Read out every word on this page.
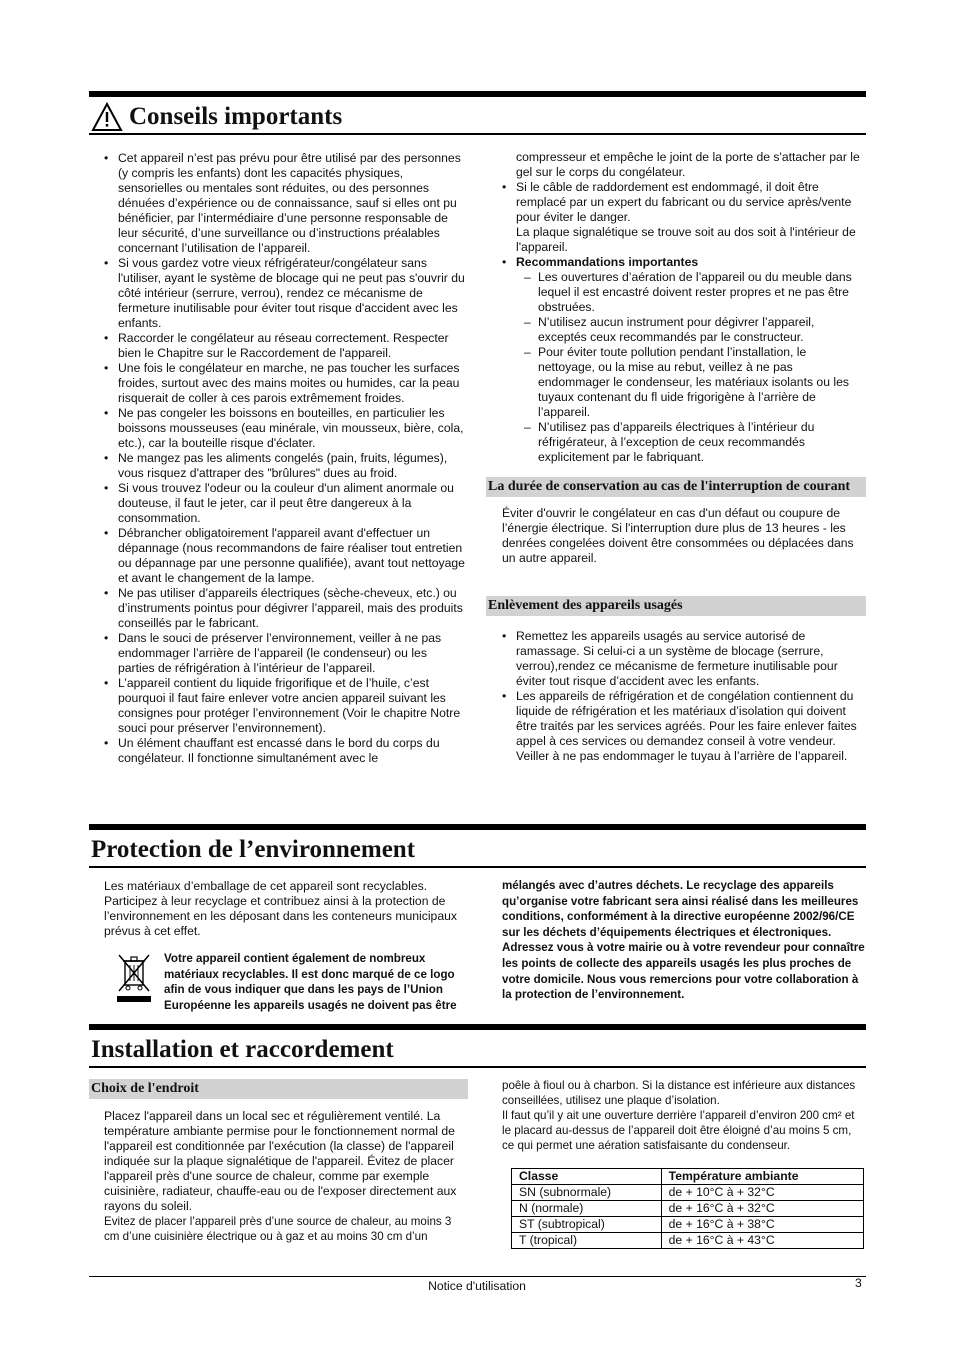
Conseils importants
• Cet appareil n’est pas prévu pour être utilisé par des personnes (y compris les enfants) dont les capacités physiques, sensorielles ou mentales sont réduites, ou des personnes dénuées d’expérience ou de connaissance, sauf si elles ont pu bénéficier, par l’intermédiaire d’une personne responsable de leur sécurité, d’une surveillance ou d’instructions préalables concernant l’utilisation de l’appareil.
• Si vous gardez votre vieux réfrigérateur/congélateur sans l'utiliser, ayant le système de blocage qui ne peut pas s'ouvrir du côté intérieur (serrure, verrou), rendez ce mécanisme de fermeture inutilisable pour éviter tout risque d'accident avec les enfants.
• Raccorder le congélateur au réseau correctement. Respecter bien le Chapitre sur le Raccordement de l'appareil.
• Une fois le congélateur en marche, ne pas toucher les surfaces froides, surtout avec des mains moites ou humides, car la peau risquerait de coller à ces parois extrêmement froides.
• Ne pas congeler les boissons en bouteilles, en particulier les boissons mousseuses (eau minérale, vin mousseux, bière, cola, etc.), car la bouteille risque d'éclater.
• Ne mangez pas les aliments congelés (pain, fruits, légumes), vous risquez d'attraper des "brûlures" dues au froid.
• Si vous trouvez l'odeur ou la couleur d'un aliment anormale ou douteuse, il faut le jeter, car il peut être dangereux à la consommation.
• Débrancher obligatoirement l'appareil avant d'effectuer un dépannage (nous recommandons de faire réaliser tout entretien ou dépannage par une personne qualifiée), avant tout nettoyage et avant le changement de la lampe.
• Ne pas utiliser d’appareils électriques (sèche-cheveux, etc.) ou d’instruments pointus pour dégivrer l’appareil, mais des produits conseillés par le fabricant.
• Dans le souci de préserver l’environnement, veiller à ne pas endommager l’arrière de l’appareil (le condenseur) ou les parties de réfrigération à l’intérieur de l’appareil.
• L’appareil contient du liquide frigorifique et de l’huile, c’est pourquoi il faut faire enlever votre ancien appareil suivant les consignes pour protéger l’environnement (Voir le chapitre Notre souci pour préserver l’environnement).
• Un élément chauffant est encassé dans le bord du corps du congélateur. Il fonctionne simultanément avec le

compresseur et empêche le joint de la porte de s'attacher par le gel sur le corps du congélateur.

• Si le câble de raddordement est endommagé, il doit être remplacé par un expert du fabricant ou du service après/vente pour éviter le danger.
La plaque signalétique se trouve soit au dos soit à l'intérieur de l'appareil.
• Recommandations importantes
– Les ouvertures d’aération de l’appareil ou du meuble dans lequel il est encastré doivent rester propres et ne pas être obstruées.
– N’utilisez aucun instrument pour dégivrer l’appareil, exceptés ceux recommandés par le constructeur.
– Pour éviter toute pollution pendant l’installation, le nettoyage, ou la mise au rebut, veillez à ne pas endommager le condenseur, les matériaux isolants ou les tuyaux contenant du fl uide frigorigène à l’arrière de l’appareil.
– N’utilisez pas d’appareils électriques à l’intérieur du réfrigérateur, à l’exception de ceux recommandés explicitement par le fabriquant.
La durée de conservation au cas de l'interruption de courant

Éviter d'ouvrir le congélateur en cas d'un défaut ou coupure de l’énergie électrique. Si l'interruption dure plus de 13 heures - les denrées congelées doivent être consommées ou déplacées dans un autre appareil.

Enlèvement des appareils usagés
• Remettez les appareils usagés au service autorisé de ramassage. Si celui-ci a un système de blocage (serrure, verrou),rendez ce mécanisme de fermeture inutilisable pour éviter tout risque d’accident avec les enfants.
• Les appareils de réfrigération et de congélation contiennent du liquide de réfrigération et les matériaux d’isolation qui doivent être traités par les services agréés. Pour les faire enlever faites appel à ces services ou demandez conseil à votre vendeur. Veiller à ne pas endommager le tuyau à l’arrière de l’appareil.
Protection de l’environnement

Les matériaux d’emballage de cet appareil sont recyclables. Participez à leur recyclage et contribuez ainsi à la protection de l’environnement en les déposant dans les conteneurs municipaux prévus à cet effet.

Votre appareil contient également de nombreux matériaux recyclables. Il est donc marqué de ce logo afin de vous indiquer que dans les pays de l’Union Européenne les appareils usagés ne doivent pas être

mélangés avec d’autres déchets. Le recyclage des appareils qu’organise votre fabricant sera ainsi réalisé dans les meilleures conditions, conformément à la directive européenne 2002/96/CE sur les déchets d’équipements électriques et électroniques. Adressez vous à votre mairie ou à votre revendeur pour connaître les points de collecte des appareils usagés les plus proches de votre domicile. Nous vous remercions pour votre collaboration à la protection de l’environnement.

Installation et raccordement
Choix de l'endroit

Placez l'appareil dans un local sec et régulièrement ventilé. La température ambiante permise pour le fonctionnement normal de l'appareil est conditionnée par l'exécution (la classe) de l'appareil indiquée sur la plaque signalétique de l'appareil. Évitez de placer l'appareil près d'une source de chaleur, comme par exemple cuisinière, radiateur, chauffe-eau ou de l'exposer directement aux rayons du soleil.

Evitez de placer l’appareil près d’une source de chaleur, au moins 3 cm d’une cuisinière électrique ou à gaz et au moins 30 cm d’un

poêle à fioul ou à charbon. Si la distance est inférieure aux distances conseillées, utilisez une plaque d’isolation.

Il faut qu’il y ait une ouverture derrière l’appareil d’environ 200 cm² et le placard au-dessus de l’appareil doit être éloigné d’au moins 5 cm, ce qui permet une aération satisfaisante du condenseur.

Classe	Température ambiante
SN (subnormale)	de + 10°C à + 32°C
N (normale)	de + 16°C à + 32°C
ST (subtropical)	de + 16°C à + 38°C
T (tropical)	de + 16°C à + 43°C
Notice d'utilisation	3
